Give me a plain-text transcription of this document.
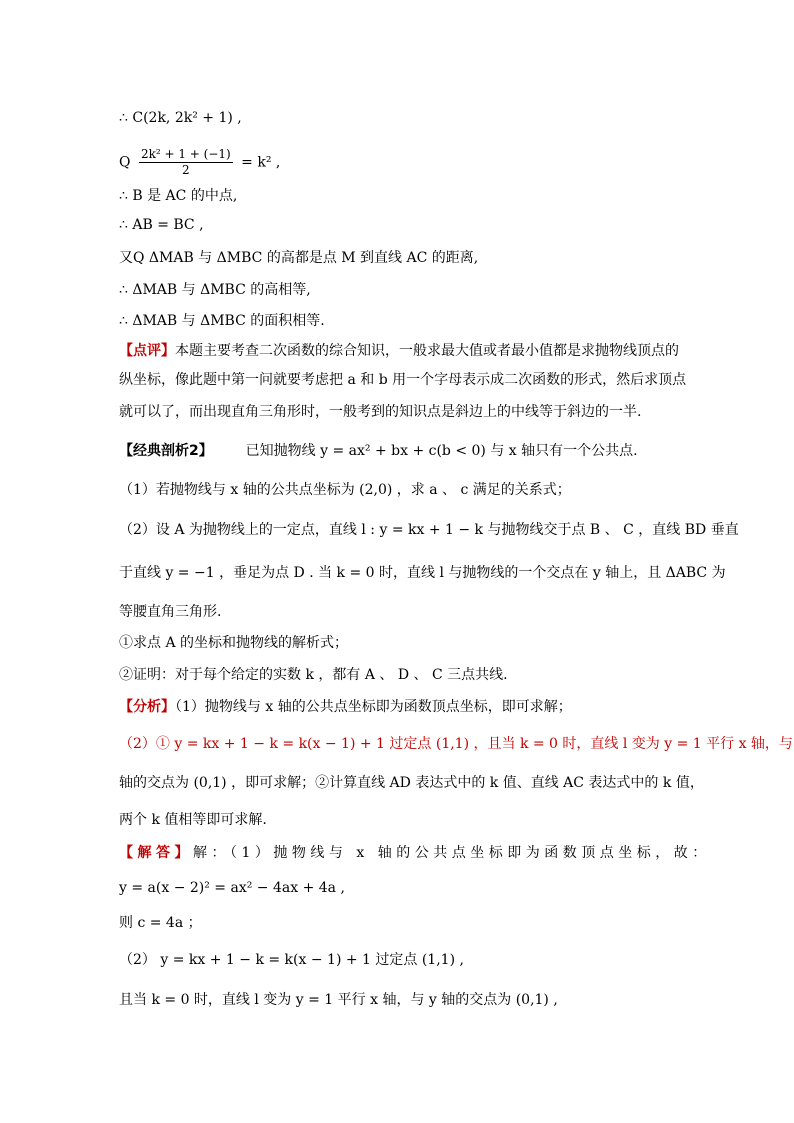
∴ C(2k, 2k² + 1) ,
Q $\frac{\text{2k² + 1 + (−1)}}{2} = k^2$ ,
∴ B 是 AC 的中点,
∴ AB = BC ,
又Q ΔMAB 与 ΔMBC 的高都是点 M 到直线 AC 的距离,
∴ ΔMAB 与 ΔMBC 的高相等,
∴ ΔMAB 与 ΔMBC 的面积相等.
【点评】本题主要考查二次函数的综合知识，一般求最大值或者最小值都是求抛物线顶点的
纵坐标，像此题中第一问就要考虑把 a 和 b 用一个字母表示成二次函数的形式，然后求顶点
就可以了，而出现直角三角形时，一般考到的知识点是斜边上的中线等于斜边的一半.
【经典剖析2】 已知抛物线 y = ax² + bx + c(b < 0) 与 x 轴只有一个公共点.
（1）若抛物线与 x 轴的公共点坐标为 (2,0) ，求 a 、 c 满足的关系式；
（2）设 A 为抛物线上的一定点，直线 l : y = kx + 1 − k 与抛物线交于点 B 、 C ，直线 BD 垂直
于直线 y = −1 ，垂足为点 D . 当 k = 0 时，直线 l 与抛物线的一个交点在 y 轴上，且 ΔABC 为
等腰直角三角形.
①求点 A 的坐标和抛物线的解析式；
②证明：对于每个给定的实数 k ，都有 A 、 D 、 C 三点共线.
【分析】（1）抛物线与 x 轴的公共点坐标即为函数顶点坐标，即可求解；
（2）① y = kx + 1 − k = k(x − 1) + 1 过定点 (1,1) ，且当 k = 0 时，直线 l 变为 y = 1 平行 x 轴，与
轴的交点为 (0,1) ，即可求解；②计算直线 AD 表达式中的 k 值、直线 AC 表达式中的 k 值，
两个 k 值相等即可求解.
【解答】解：（1）抛物线与 x 轴的公共点坐标即为函数顶点坐标，故：
y = a(x − 2)² = ax² − 4ax + 4a ,
则 c = 4a ；
（2） y = kx + 1 − k = k(x − 1) + 1 过定点 (1,1) ,
且当 k = 0 时，直线 l 变为 y = 1 平行 x 轴，与 y 轴的交点为 (0,1) ,
